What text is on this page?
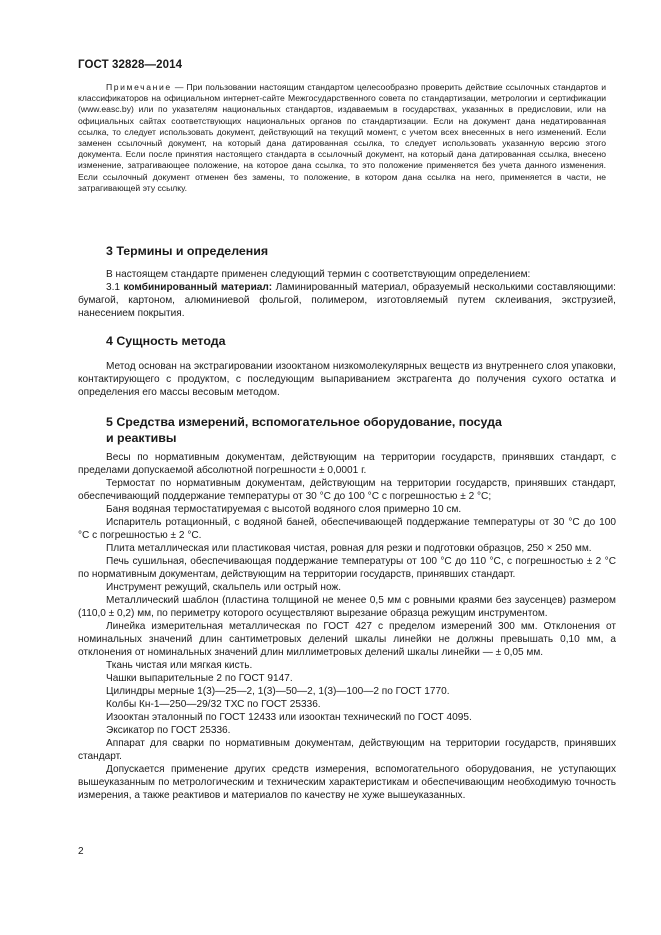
ГОСТ 32828—2014

Примечание — При пользовании настоящим стандартом целесообразно проверить действие ссылочных стандартов и классификаторов на официальном интернет-сайте Межгосударственного совета по стандартизации, метрологии и сертификации (www.easc.by) или по указателям национальных стандартов, издаваемым в государствах, указанных в предисловии, или на официальных сайтах соответствующих национальных органов по стандартизации. Если на документ дана недатированная ссылка, то следует использовать документ, действующий на текущий момент, с учетом всех внесенных в него изменений. Если заменен ссылочный документ, на который дана датированная ссылка, то следует использовать указанную версию этого документа. Если после принятия настоящего стандарта в ссылочный документ, на который дана датированная ссылка, внесено изменение, затрагивающее положение, на которое дана ссылка, то это положение применяется без учета данного изменения. Если ссылочный документ отменен без замены, то положение, в котором дана ссылка на него, применяется в части, не затрагивающей эту ссылку.

3 Термины и определения

В настоящем стандарте применен следующий термин с соответствующим определением:

3.1 комбинированный материал: Ламинированный материал, образуемый несколькими составляющими: бумагой, картоном, алюминиевой фольгой, полимером, изготовляемый путем склеивания, экструзией, нанесением покрытия.

4 Сущность метода

Метод основан на экстрагировании изооктаном низкомолекулярных веществ из внутреннего слоя упаковки, контактирующего с продуктом, с последующим выпариванием экстрагента до получения сухого остатка и определения его массы весовым методом.

5 Средства измерений, вспомогательное оборудование, посуда
и реактивы

Весы по нормативным документам, действующим на территории государств, принявших стандарт, с пределами допускаемой абсолютной погрешности ± 0,0001 г.

Термостат по нормативным документам, действующим на территории государств, принявших стандарт, обеспечивающий поддержание температуры от 30 °С до 100 °С с погрешностью ± 2 °С;

Баня водяная термостатируемая с высотой водяного слоя примерно 10 см.

Испаритель ротационный, с водяной баней, обеспечивающей поддержание температуры от 30 °С до 100 °С с погрешностью ± 2 °С.

Плита металлическая или пластиковая чистая, ровная для резки и подготовки образцов, 250 × 250 мм.

Печь сушильная, обеспечивающая поддержание температуры от 100 °С до 110 °С, с погрешностью ± 2 °С по нормативным документам, действующим на территории государств, принявших стандарт.

Инструмент режущий, скальпель или острый нож.

Металлический шаблон (пластина толщиной не менее 0,5 мм с ровными краями без заусенцев) размером (110,0 ± 0,2) мм, по периметру которого осуществляют вырезание образца режущим инструментом.

Линейка измерительная металлическая по ГОСТ 427 с пределом измерений 300 мм. Отклонения от номинальных значений длин сантиметровых делений шкалы линейки не должны превышать 0,10 мм, а отклонения от номинальных значений длин миллиметровых делений шкалы линейки — ± 0,05 мм.

Ткань чистая или мягкая кисть.

Чашки выпарительные 2 по ГОСТ 9147.

Цилиндры мерные 1(3)—25—2, 1(3)—50—2, 1(3)—100—2 по ГОСТ 1770.

Колбы Кн-1—250—29/32 ТХС по ГОСТ 25336.

Изооктан эталонный по ГОСТ 12433 или изооктан технический по ГОСТ 4095.

Эксикатор по ГОСТ 25336.

Аппарат для сварки по нормативным документам, действующим на территории государств, принявших стандарт.

Допускается применение других средств измерения, вспомогательного оборудования, не уступающих вышеуказанным по метрологическим и техническим характеристикам и обеспечивающим необходимую точность измерения, а также реактивов и материалов по качеству не хуже вышеуказанных.

2
